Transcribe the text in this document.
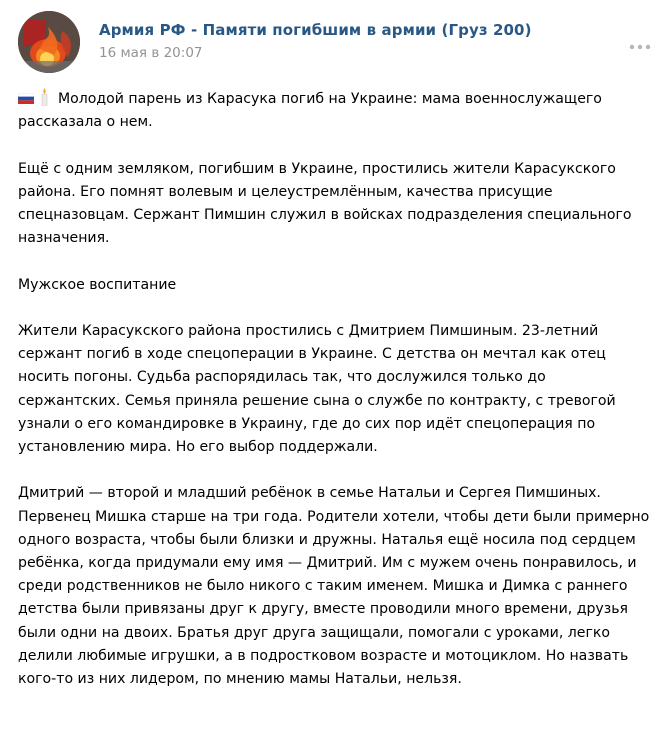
Армия РФ - Памяти погибшим в армии (Груз 200)
16 мая в 20:07

Молодой парень из Карасука погиб на Украине: мама военнослужащего рассказала о нем.

Ещё с одним земляком, погибшим в Украине, простились жители Карасукского района. Его помнят волевым и целеустремлённым, качества присущие спецназовцам. Сержант Пимшин служил в войсках подразделения специального назначения.

Мужское воспитание

Жители Карасукского района простились с Дмитрием Пимшиным. 23-летний сержант погиб в ходе спецоперации в Украине. С детства он мечтал как отец носить погоны. Судьба распорядилась так, что дослужился только до сержантских. Семья приняла решение сына о службе по контракту, с тревогой узнали о его командировке в Украину, где до сих пор идёт спецоперация по установлению мира. Но его выбор поддержали.

Дмитрий — второй и младший ребёнок в семье Натальи и Сергея Пимшиных. Первенец Мишка старше на три года. Родители хотели, чтобы дети были примерно одного возраста, чтобы были близки и дружны. Наталья ещё носила под сердцем ребёнка, когда придумали ему имя — Дмитрий. Им с мужем очень понравилось, и среди родственников не было никого с таким именем. Мишка и Димка с раннего детства были привязаны друг к другу, вместе проводили много времени, друзья были одни на двоих. Братья друг друга защищали, помогали с уроками, легко делили любимые игрушки, а в подростковом возрасте и мотоциклом. Но назвать кого-то из них лидером, по мнению мамы Натальи, нельзя.
